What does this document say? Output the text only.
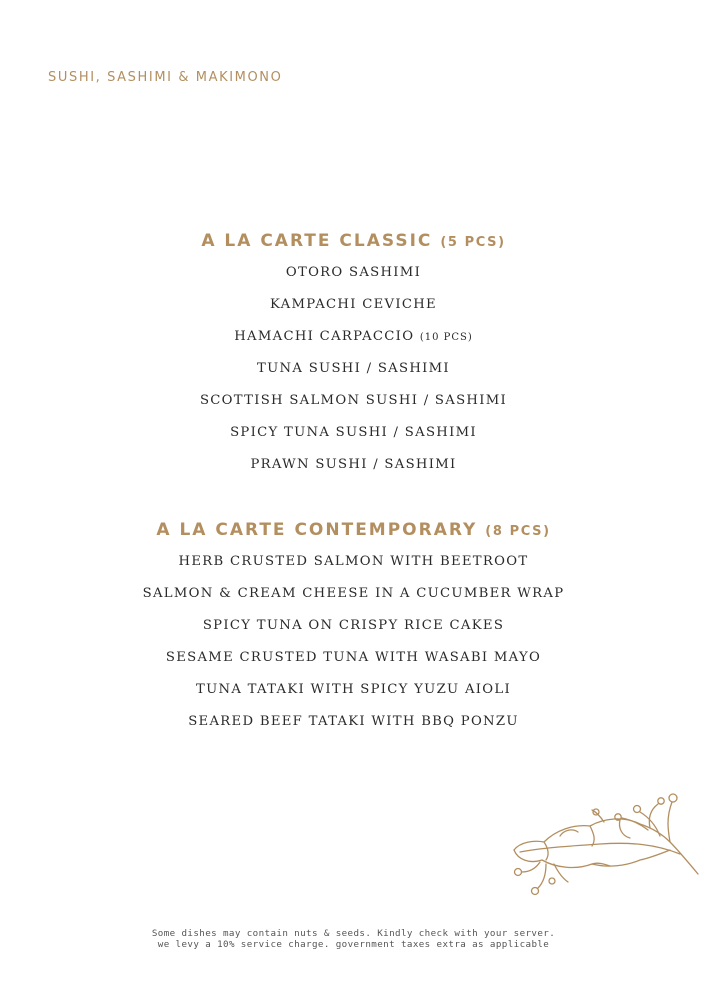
SUSHI, SASHIMI & MAKIMONO
A LA CARTE CLASSIC (5 PCS)
OTORO SASHIMI
KAMPACHI CEVICHE
HAMACHI CARPACCIO (10 PCS)
TUNA SUSHI / SASHIMI
SCOTTISH SALMON SUSHI / SASHIMI
SPICY TUNA SUSHI / SASHIMI
PRAWN SUSHI / SASHIMI
A LA CARTE CONTEMPORARY (8 PCS)
HERB CRUSTED SALMON WITH BEETROOT
SALMON & CREAM CHEESE IN A CUCUMBER WRAP
SPICY TUNA ON CRISPY RICE CAKES
SESAME CRUSTED TUNA WITH WASABI MAYO
TUNA TATAKI WITH SPICY YUZU AIOLI
SEARED BEEF TATAKI WITH BBQ PONZU
Some dishes may contain nuts & seeds. Kindly check with your server.
we levy a 10% service charge. government taxes extra as applicable
